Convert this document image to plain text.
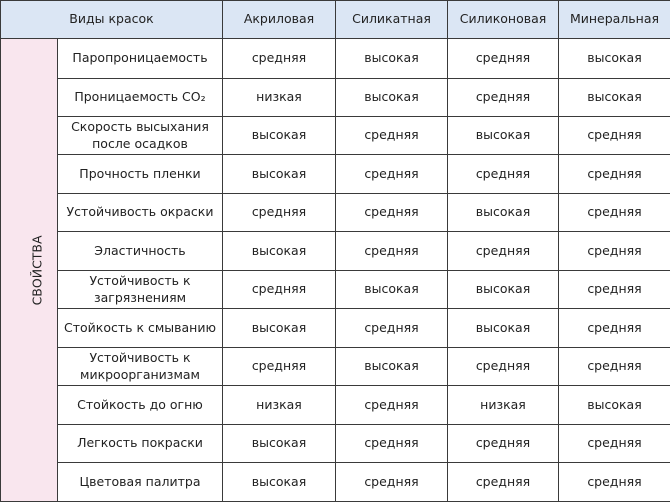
Виды красок		Акриловая	Силикатная	Силиконовая	Минеральная
СВОЙСТВА	Паропроницаемость	средняя	высокая	средняя	высокая
	Проницаемость CO₂	низкая	высокая	средняя	высокая
	Скорость высыхания после осадков	высокая	средняя	высокая	средняя
	Прочность пленки	высокая	средняя	средняя	средняя
	Устойчивость окраски	средняя	средняя	высокая	средняя
	Эластичность	высокая	средняя	средняя	средняя
	Устойчивость к загрязнениям	средняя	высокая	высокая	средняя
	Стойкость к смыванию	высокая	средняя	высокая	средняя
	Устойчивость к микроорганизмам	средняя	высокая	средняя	средняя
	Стойкость до огню	низкая	средняя	низкая	высокая
	Легкость покраски	высокая	средняя	средняя	средняя
	Цветовая палитра	высокая	средняя	средняя	средняя
